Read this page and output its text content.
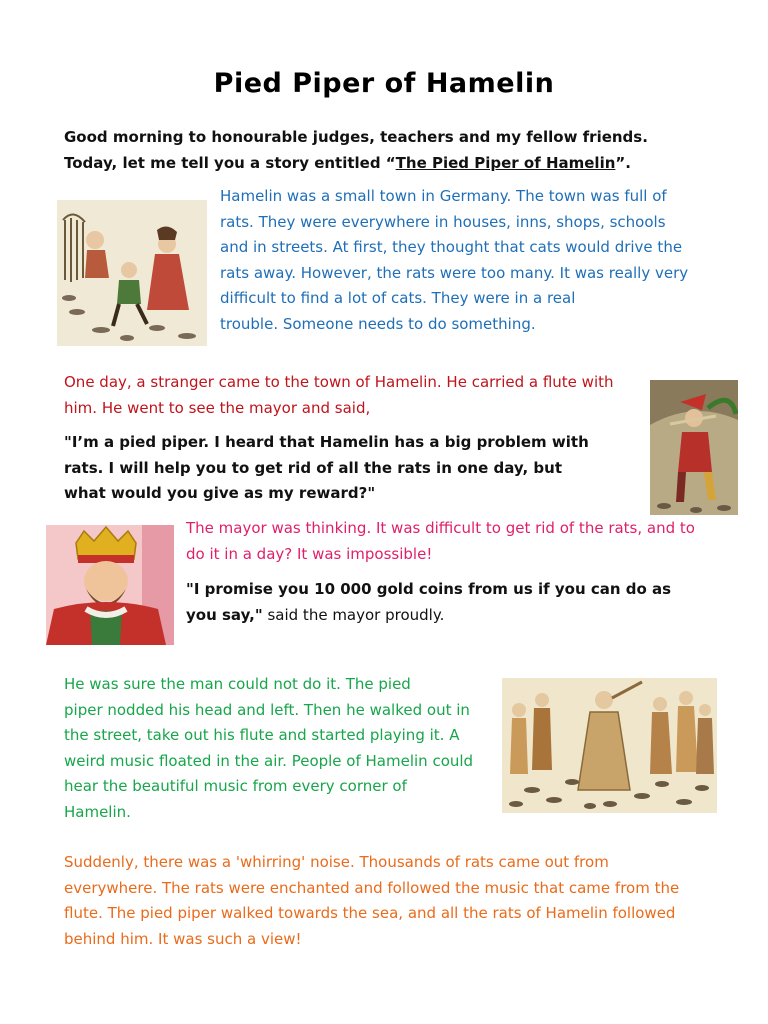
Pied Piper of Hamelin
Good morning to honourable judges, teachers and my fellow friends.
Today, let me tell you a story entitled “The Pied Piper of Hamelin”.
Hamelin was a small town in Germany. The town was full of
rats. They were everywhere in houses, inns, shops, schools
and in streets. At first, they thought that cats would drive the
rats away. However, the rats were too many. It was really very
difficult to find a lot of cats. They were in a real
trouble. Someone needs to do something.
One day, a stranger came to the town of Hamelin. He carried a flute with
him. He went to see the mayor and said,
"I’m a pied piper. I heard that Hamelin has a big problem with
rats. I will help you to get rid of all the rats in one day, but
what would you give as my reward?"
The mayor was thinking. It was difficult to get rid of the rats, and to
do it in a day? It was impossible!
"I promise you 10 000 gold coins from us if you can do as
you say," said the mayor proudly.
He was sure the man could not do it. The pied
piper nodded his head and left. Then he walked out in
the street, take out his flute and started playing it. A
weird music floated in the air. People of Hamelin could
hear the beautiful music from every corner of
Hamelin.
Suddenly, there was a 'whirring' noise. Thousands of rats came out from
everywhere. The rats were enchanted and followed the music that came from the
flute. The pied piper walked towards the sea, and all the rats of Hamelin followed
behind him. It was such a view!
